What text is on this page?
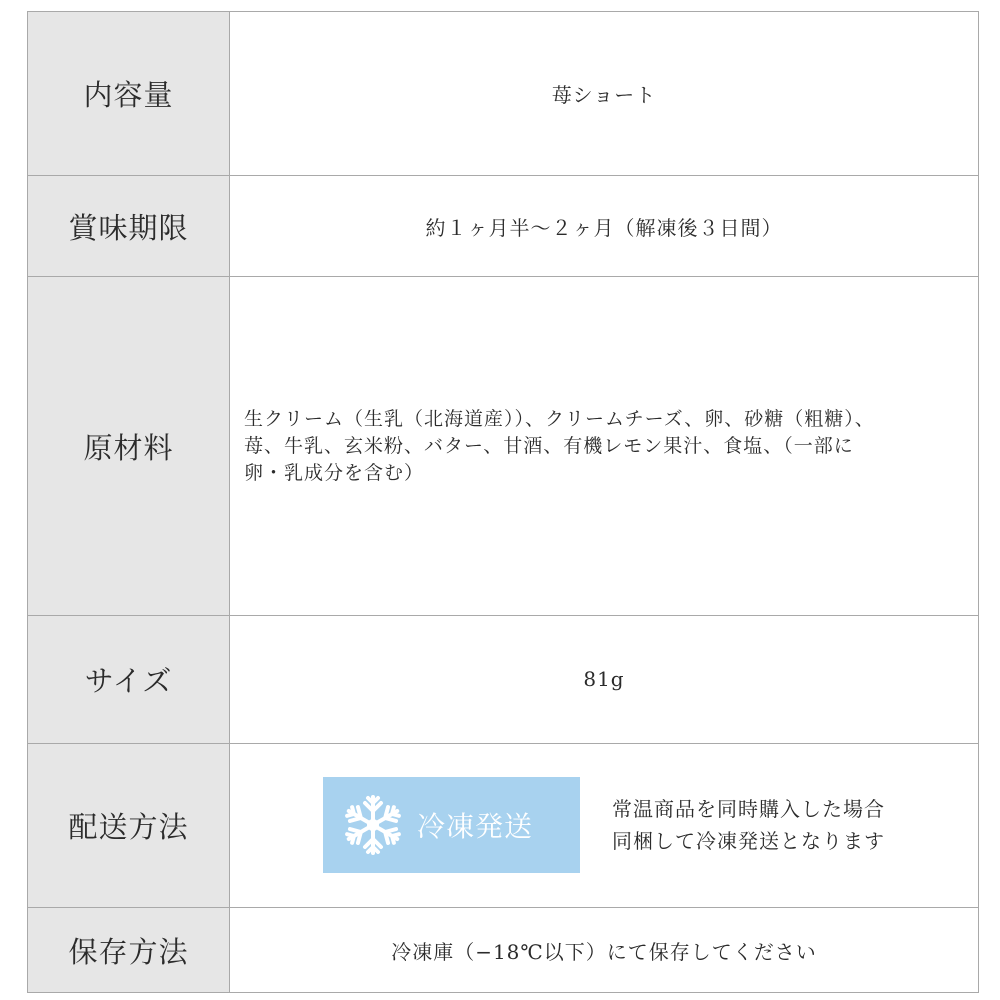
内容量	苺ショート
賞味期限	約１ヶ月半〜２ヶ月（解凍後３日間）
原材料
生クリーム（生乳（北海道産））、クリームチーズ、卵、砂糖（粗糖）、
苺、牛乳、玄米粉、バター、甘酒、有機レモン果汁、食塩、（一部に
卵・乳成分を含む）
サイズ	81g
配送方法	冷凍発送
常温商品を同時購入した場合
同梱して冷凍発送となります
保存方法	冷凍庫（−18℃以下）にて保存してください
